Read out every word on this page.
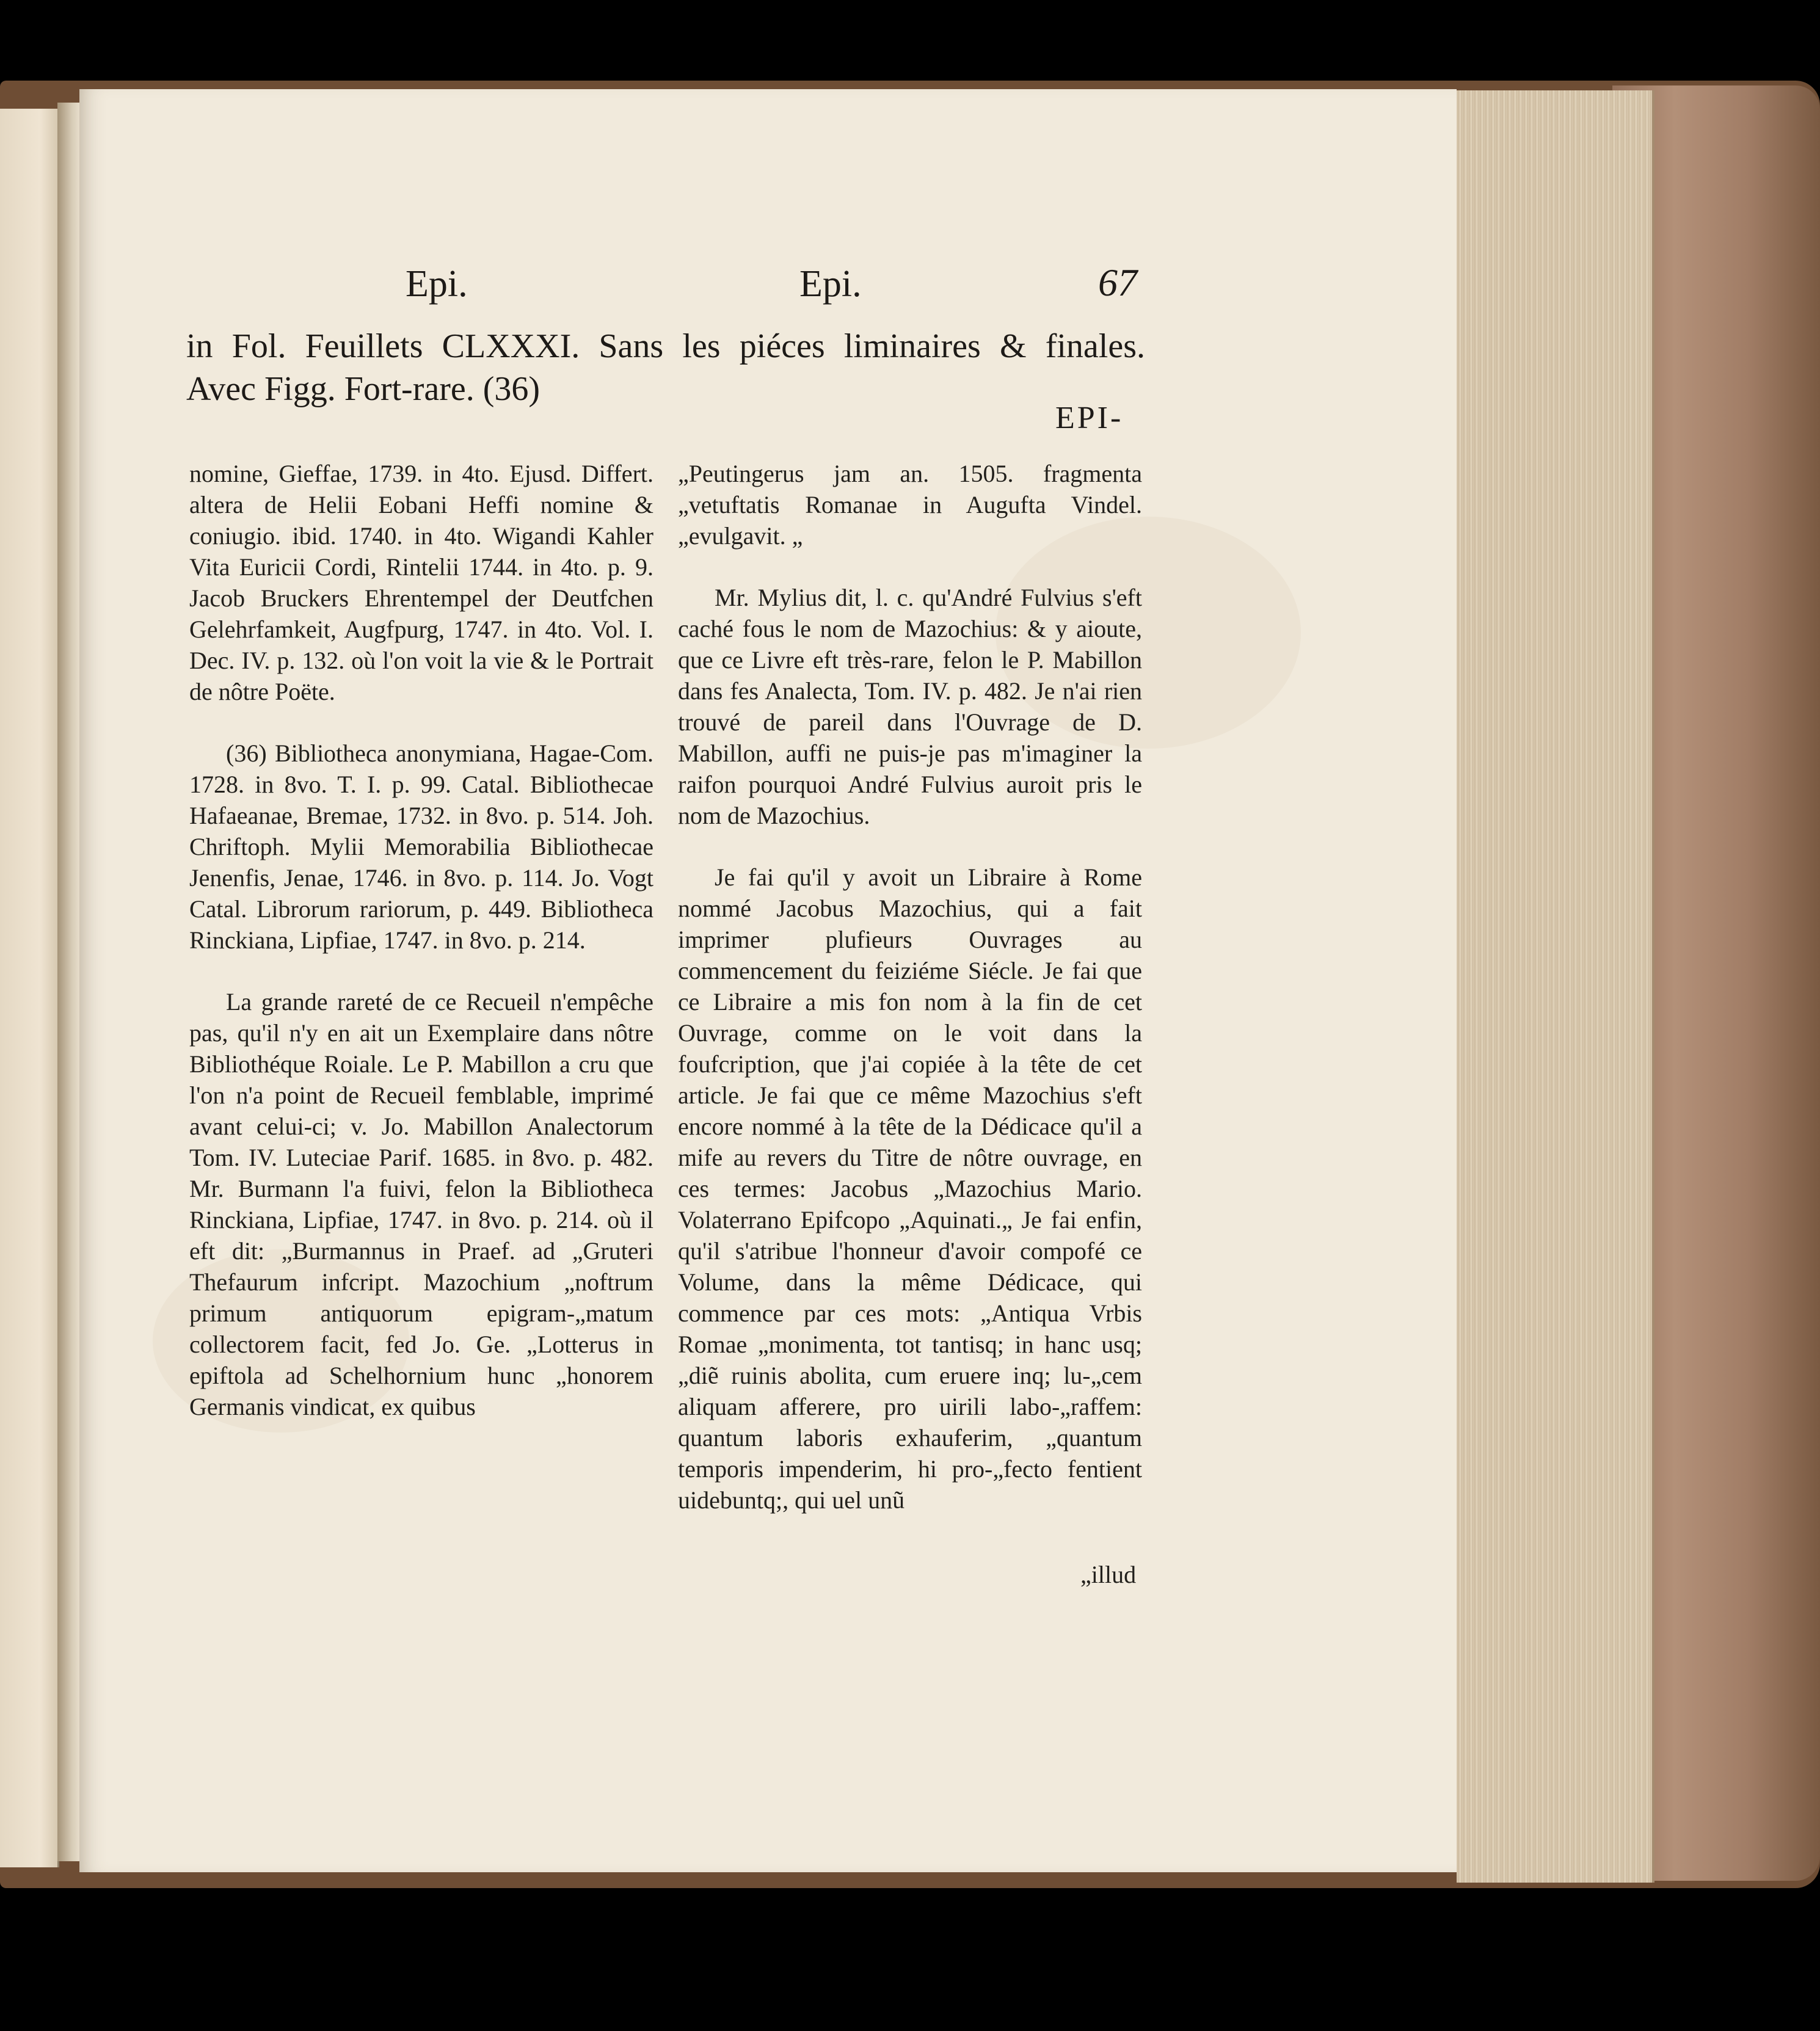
Epi.	Epi.	67
in Fol. Feuillets CLXXXI. Sans les piéces liminaires & finales.
Avec Figg. Fort-rare. (36)
EPI-

nomine, Gieffae, 1739. in 4to. Ejusd. Differt. altera de Helii Eobani Heffi nomine & coniugio. ibid. 1740. in 4to. Wigandi Kahler Vita Euricii Cordi, Rintelii 1744. in 4to. p. 9. Jacob Bruckers Ehrentempel der Deutfchen Gelehrfamkeit, Augfpurg, 1747. in 4to. Vol. I. Dec. IV. p. 132. où l'on voit la vie & le Portrait de nôtre Poëte.

(36) Bibliotheca anonymiana, Hagae-Com. 1728. in 8vo. T. I. p. 99. Catal. Bibliothecae Hafaeanae, Bremae, 1732. in 8vo. p. 514. Joh. Chriftoph. Mylii Memorabilia Bibliothecae Jenenfis, Jenae, 1746. in 8vo. p. 114. Jo. Vogt Catal. Librorum rariorum, p. 449. Bibliotheca Rinckiana, Lipfiae, 1747. in 8vo. p. 214.

La grande rareté de ce Recueil n'empêche pas, qu'il n'y en ait un Exemplaire dans nôtre Bibliothéque Roiale. Le P. Mabillon a cru que l'on n'a point de Recueil femblable, imprimé avant celui-ci; v. Jo. Mabillon Analectorum Tom. IV. Luteciae Parif. 1685. in 8vo. p. 482. Mr. Burmann l'a fuivi, felon la Bibliotheca Rinckiana, Lipfiae, 1747. in 8vo. p. 214. où il eft dit: „Burmannus in Praef. ad „Gruteri Thefaurum infcript. Mazochium „noftrum primum antiquorum epigram-„matum collectorem facit, fed Jo. Ge. „Lotterus in epiftola ad Schelhornium hunc „honorem Germanis vindicat, ex quibus

„Peutingerus jam an. 1505. fragmenta „vetuftatis Romanae in Augufta Vindel. „evulgavit. „

Mr. Mylius dit, l. c. qu'André Fulvius s'eft caché fous le nom de Mazochius: & y aioute, que ce Livre eft très-rare, felon le P. Mabillon dans fes Analecta, Tom. IV. p. 482. Je n'ai rien trouvé de pareil dans l'Ouvrage de D. Mabillon, auffi ne puis-je pas m'imaginer la raifon pourquoi André Fulvius auroit pris le nom de Mazochius.

Je fai qu'il y avoit un Libraire à Rome nommé Jacobus Mazochius, qui a fait imprimer plufieurs Ouvrages au commencement du feiziéme Siécle. Je fai que ce Libraire a mis fon nom à la fin de cet Ouvrage, comme on le voit dans la foufcription, que j'ai copiée à la tête de cet article. Je fai que ce même Mazochius s'eft encore nommé à la tête de la Dédicace qu'il a mife au revers du Titre de nôtre ouvrage, en ces termes: Jacobus „Mazochius Mario. Volaterrano Epifcopo „Aquinati.„ Je fai enfin, qu'il s'atribue l'honneur d'avoir compofé ce Volume, dans la même Dédicace, qui commence par ces mots: „Antiqua Vrbis Romae „monimenta, tot tantisq; in hanc usq; „diẽ ruinis abolita, cum eruere inq; lu-„cem aliquam afferere, pro uirili labo-„raffem: quantum laboris exhauferim, „quantum temporis impenderim, hi pro-„fecto fentient uidebuntq;, qui uel unũ

„illud
